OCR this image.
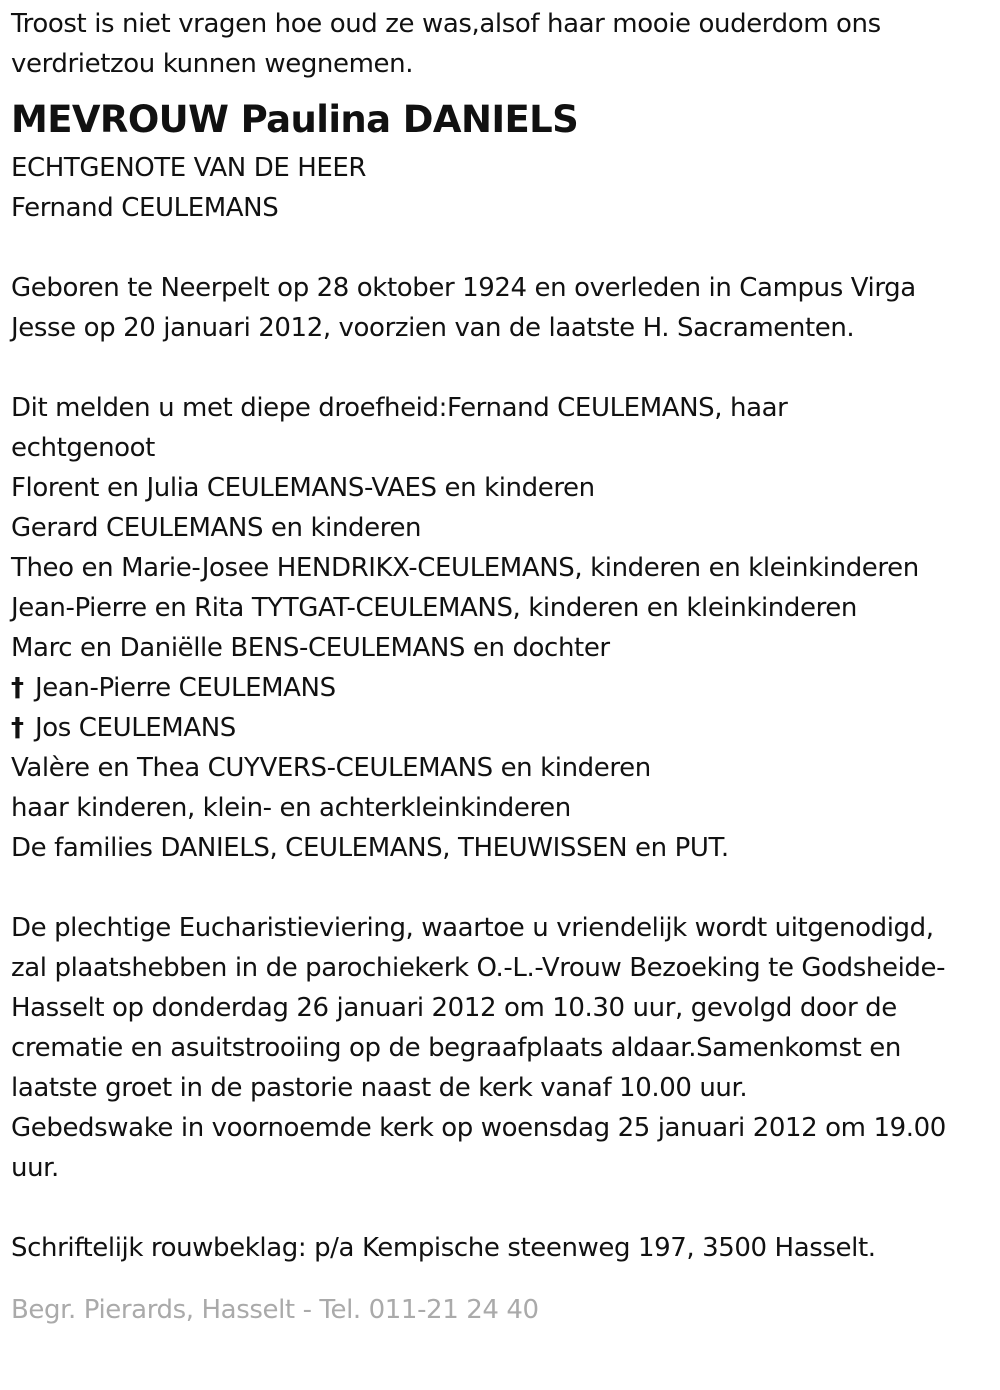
Troost is niet vragen hoe oud ze was,alsof haar mooie ouderdom ons
verdrietzou kunnen wegnemen.
MEVROUW Paulina DANIELS
ECHTGENOTE VAN DE HEER
Fernand CEULEMANS
Geboren te Neerpelt op 28 oktober 1924 en overleden in Campus Virga
Jesse op 20 januari 2012, voorzien van de laatste H. Sacramenten.
Dit melden u met diepe droefheid:Fernand CEULEMANS, haar
echtgenoot
Florent en Julia CEULEMANS-VAES en kinderen
Gerard CEULEMANS en kinderen
Theo en Marie-Josee HENDRIKX-CEULEMANS, kinderen en kleinkinderen
Jean-Pierre en Rita TYTGAT-CEULEMANS, kinderen en kleinkinderen
Marc en Daniëlle BENS-CEULEMANS en dochter
† Jean-Pierre CEULEMANS
† Jos CEULEMANS
Valère en Thea CUYVERS-CEULEMANS en kinderen
haar kinderen, klein- en achterkleinkinderen
De families DANIELS, CEULEMANS, THEUWISSEN en PUT.
De plechtige Eucharistieviering, waartoe u vriendelijk wordt uitgenodigd,
zal plaatshebben in de parochiekerk O.-L.-Vrouw Bezoeking te Godsheide-
Hasselt op donderdag 26 januari 2012 om 10.30 uur, gevolgd door de
crematie en asuitstrooiing op de begraafplaats aldaar.Samenkomst en
laatste groet in de pastorie naast de kerk vanaf 10.00 uur.
Gebedswake in voornoemde kerk op woensdag 25 januari 2012 om 19.00
uur.
Schriftelijk rouwbeklag: p/a Kempische steenweg 197, 3500 Hasselt.
Begr. Pierards, Hasselt - Tel. 011-21 24 40
